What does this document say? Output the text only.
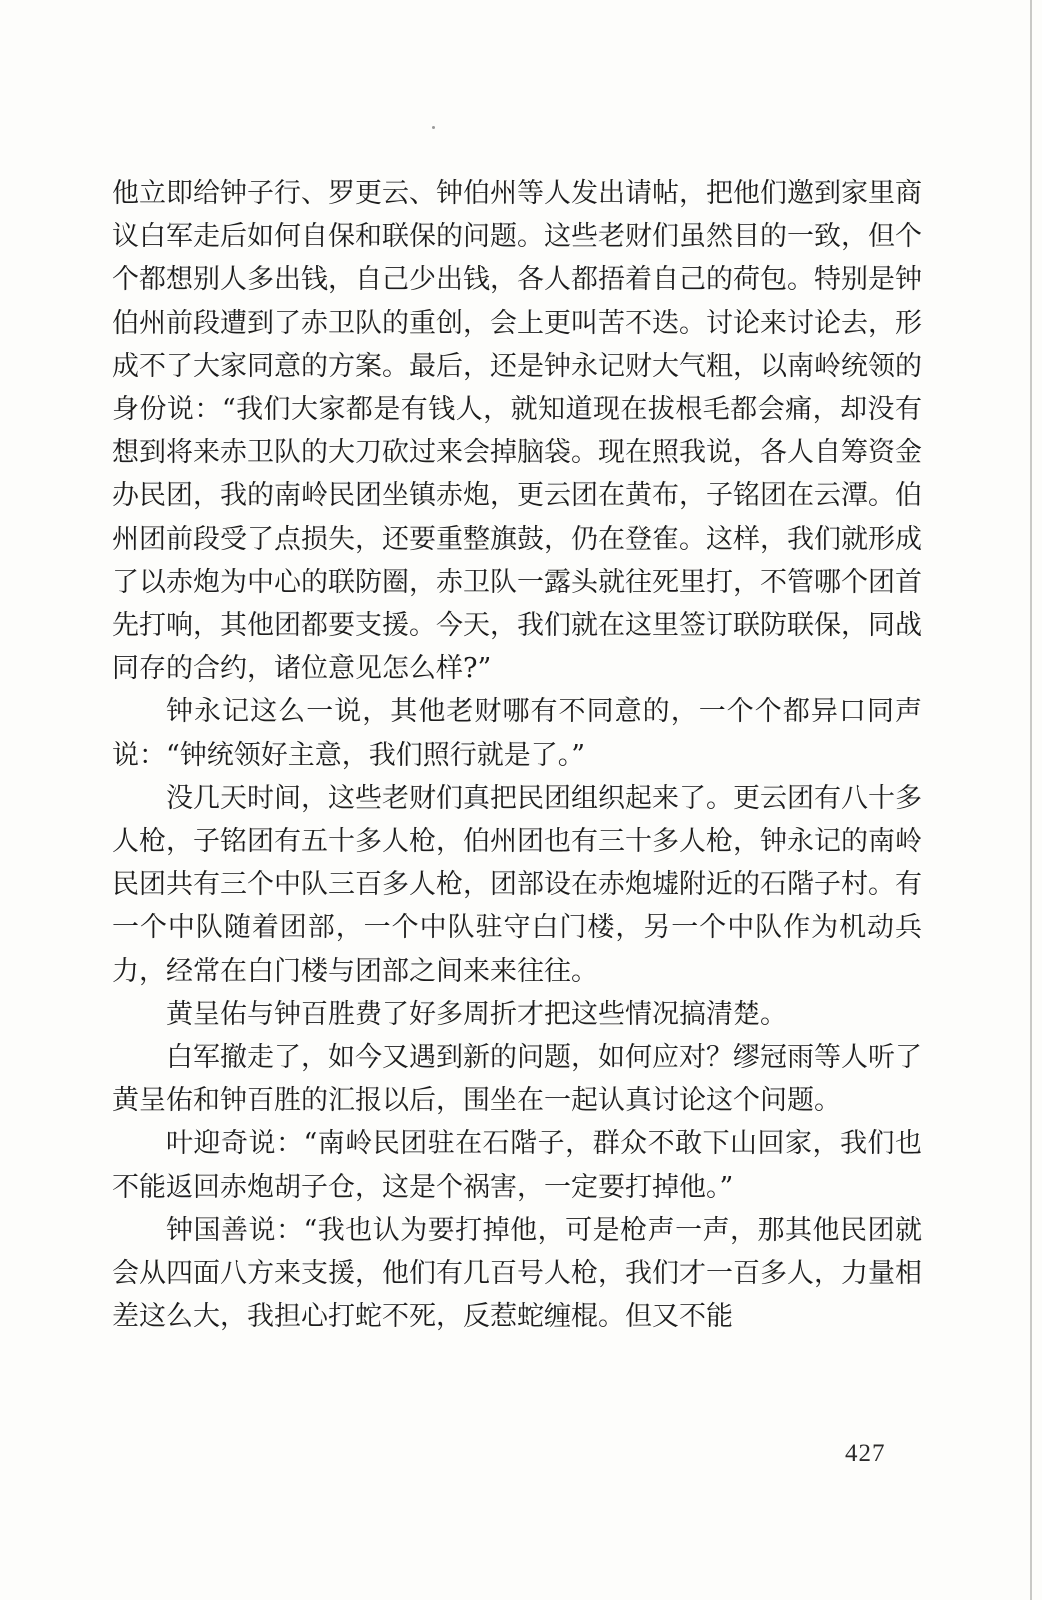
他立即给钟子行、罗更云、钟伯州等人发出请帖，把他们邀到家里商议白军走后如何自保和联保的问题。这些老财们虽然目的一致，但个个都想别人多出钱，自己少出钱，各人都捂着自己的荷包。特别是钟伯州前段遭到了赤卫队的重创，会上更叫苦不迭。讨论来讨论去，形成不了大家同意的方案。最后，还是钟永记财大气粗，以南岭统领的身份说：“我们大家都是有钱人，就知道现在拔根毛都会痛，却没有想到将来赤卫队的大刀砍过来会掉脑袋。现在照我说，各人自筹资金办民团，我的南岭民团坐镇赤炮，更云团在黄布，子铭团在云潭。伯州团前段受了点损失，还要重整旗鼓，仍在登隺。这样，我们就形成了以赤炮为中心的联防圈，赤卫队一露头就往死里打，不管哪个团首先打响，其他团都要支援。今天，我们就在这里签订联防联保，同战同存的合约，诸位意见怎么样?”

钟永记这么一说，其他老财哪有不同意的，一个个都异口同声说：“钟统领好主意，我们照行就是了。”

没几天时间，这些老财们真把民团组织起来了。更云团有八十多人枪，子铭团有五十多人枪，伯州团也有三十多人枪，钟永记的南岭民团共有三个中队三百多人枪，团部设在赤炮墟附近的石階子村。有一个中队随着团部，一个中队驻守白门楼，另一个中队作为机动兵力，经常在白门楼与团部之间来来往往。

黄呈佑与钟百胜费了好多周折才把这些情况搞清楚。

白军撤走了，如今又遇到新的问题，如何应对？缪冠雨等人听了黄呈佑和钟百胜的汇报以后，围坐在一起认真讨论这个问题。

叶迎奇说：“南岭民团驻在石階子，群众不敢下山回家，我们也不能返回赤炮胡子仓，这是个祸害，一定要打掉他。”

钟国善说：“我也认为要打掉他，可是枪声一声，那其他民团就会从四面八方来支援，他们有几百号人枪，我们才一百多人，力量相差这么大，我担心打蛇不死，反惹蛇缠棍。但又不能

427
